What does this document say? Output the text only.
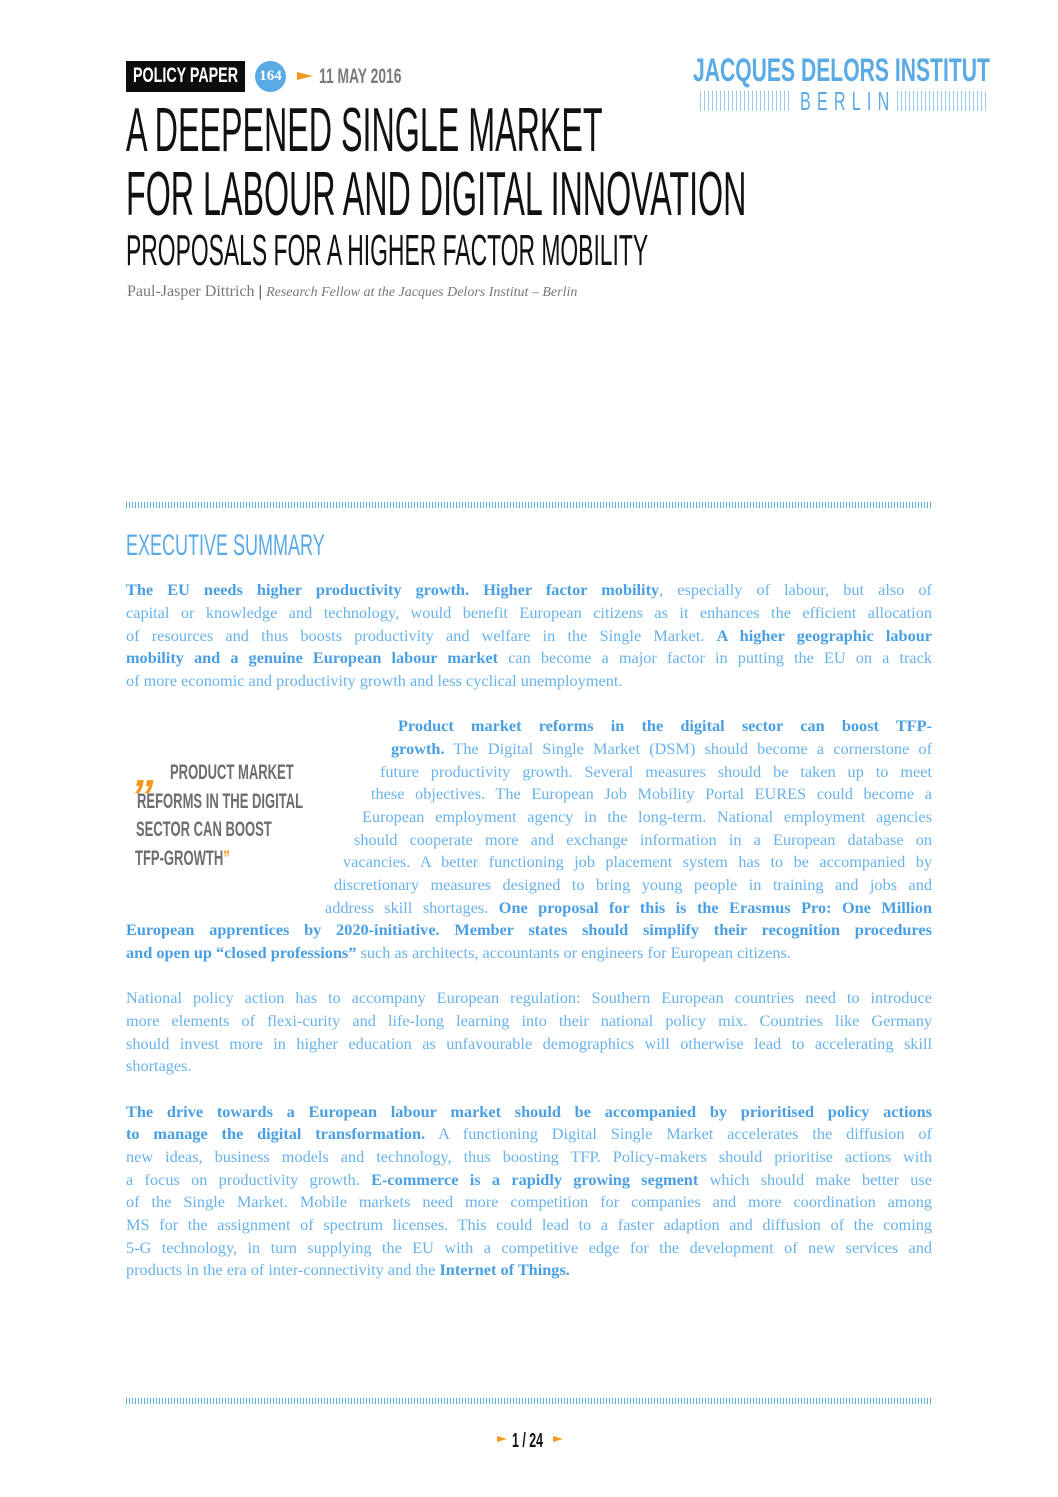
POLICY PAPER 164 11 MAY 2016	JACQUES DELORS INSTITUT
BERLIN
A DEEPENED SINGLE MARKET
FOR LABOUR AND DIGITAL INNOVATION
PROPOSALS FOR A HIGHER FACTOR MOBILITY
Paul-Jasper Dittrich | Research Fellow at the Jacques Delors Institut – Berlin
EXECUTIVE SUMMARY
„ PRODUCT MARKET
REFORMS IN THE DIGITAL
SECTOR CAN BOOST
TFP-GROWTH”
The EU needs higher productivity growth. Higher factor mobility, especially of labour, but also of
capital or knowledge and technology, would benefit European citizens as it enhances the efficient allocation
of resources and thus boosts productivity and welfare in the Single Market. A higher geographic labour
mobility and a genuine European labour market can become a major factor in putting the EU on a track
of more economic and productivity growth and less cyclical unemployment.
Product market reforms in the digital sector can boost TFP-
growth. The Digital Single Market (DSM) should become a cornerstone of
future productivity growth. Several measures should be taken up to meet
these objectives. The European Job Mobility Portal EURES could become a
European employment agency in the long-term. National employment agencies
should cooperate more and exchange information in a European database on
vacancies. A better functioning job placement system has to be accompanied by
discretionary measures designed to bring young people in training and jobs and
address skill shortages. One proposal for this is the Erasmus Pro: One Million
European apprentices by 2020-initiative. Member states should simplify their recognition procedures
and open up “closed professions” such as architects, accountants or engineers for European citizens.
National policy action has to accompany European regulation: Southern European countries need to introduce
more elements of flexi-curity and life-long learning into their national policy mix. Countries like Germany
should invest more in higher education as unfavourable demographics will otherwise lead to accelerating skill
shortages.
The drive towards a European labour market should be accompanied by prioritised policy actions
to manage the digital transformation. A functioning Digital Single Market accelerates the diffusion of
new ideas, business models and technology, thus boosting TFP. Policy-makers should prioritise actions with
a focus on productivity growth. E-commerce is a rapidly growing segment which should make better use
of the Single Market. Mobile markets need more competition for companies and more coordination among
MS for the assignment of spectrum licenses. This could lead to a faster adaption and diffusion of the coming
5-G technology, in turn supplying the EU with a competitive edge for the development of new services and
products in the era of inter-connectivity and the Internet of Things.
1 / 24
